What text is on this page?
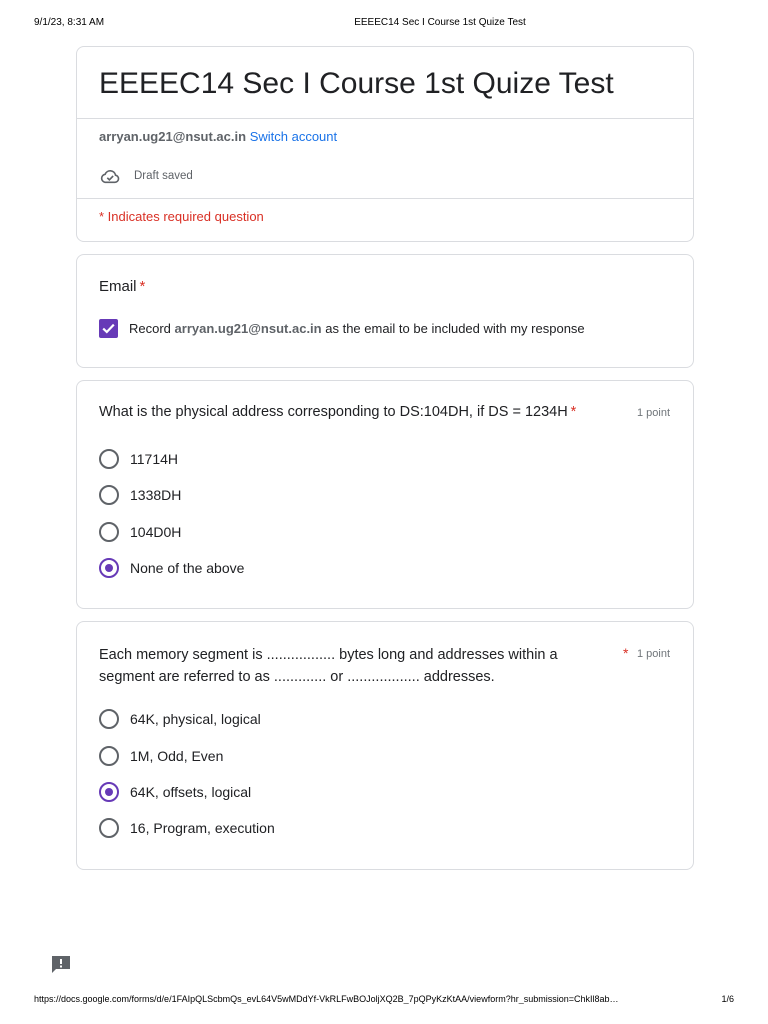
9/1/23, 8:31 AM	EEEEC14 Sec I Course 1st Quize Test
EEEEC14 Sec I Course 1st Quize Test
arryan.ug21@nsut.ac.in Switch account
Draft saved
* Indicates required question
Email *
Record arryan.ug21@nsut.ac.in as the email to be included with my response
What is the physical address corresponding to DS:104DH, if DS = 1234H *	1 point
11714H
1338DH
104D0H
None of the above
Each memory segment is ................. bytes long and addresses within a segment are referred to as ............. or .................. addresses.
* 1 point
64K, physical, logical
1M, Odd, Even
64K, offsets, logical
16, Program, execution
https://docs.google.com/forms/d/e/1FAIpQLScbmQs_evL64V5wMDdYf-VkRLFwBOJoljXQ2B_7pQPyKzKtAA/viewform?hr_submission=ChkIl8ab…	1/6
